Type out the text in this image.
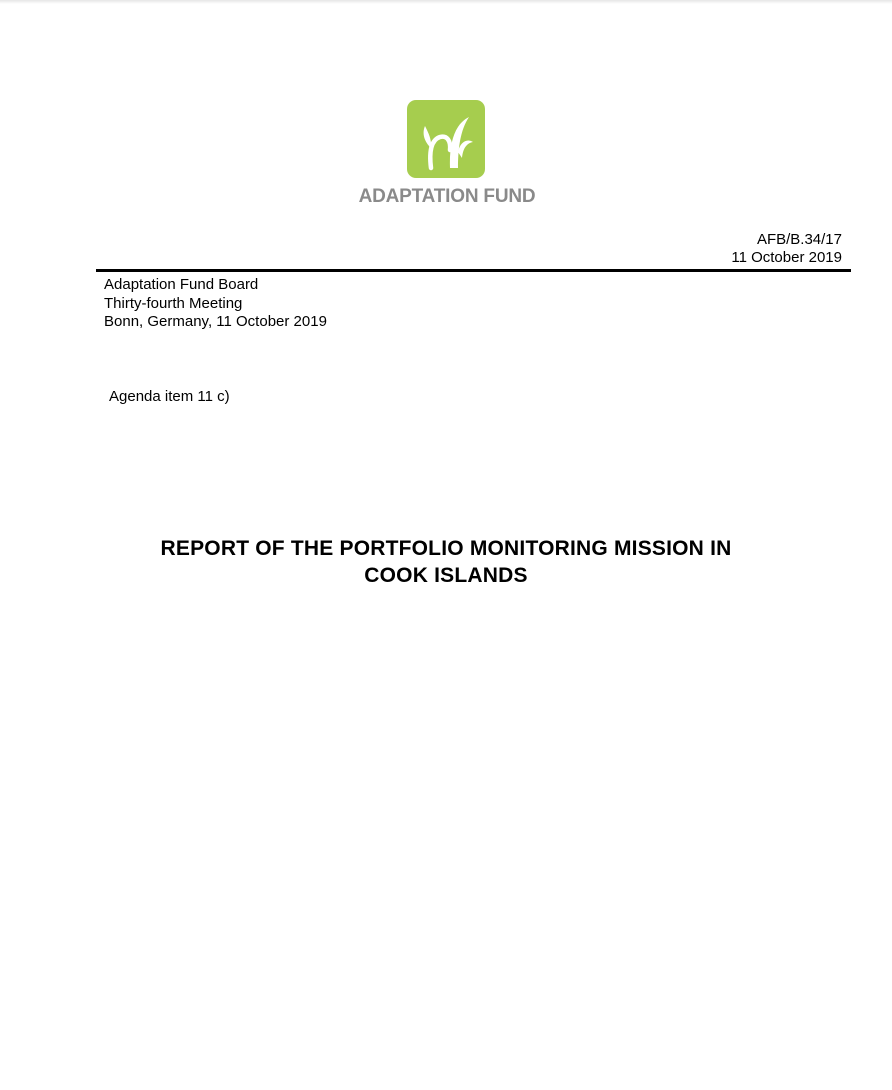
ADAPTATION FUND
AFB/B.34/17
11 October 2019
Adaptation Fund Board
Thirty-fourth Meeting
Bonn, Germany, 11 October 2019
Agenda item 11 c)
REPORT OF THE PORTFOLIO MONITORING MISSION IN
COOK ISLANDS
